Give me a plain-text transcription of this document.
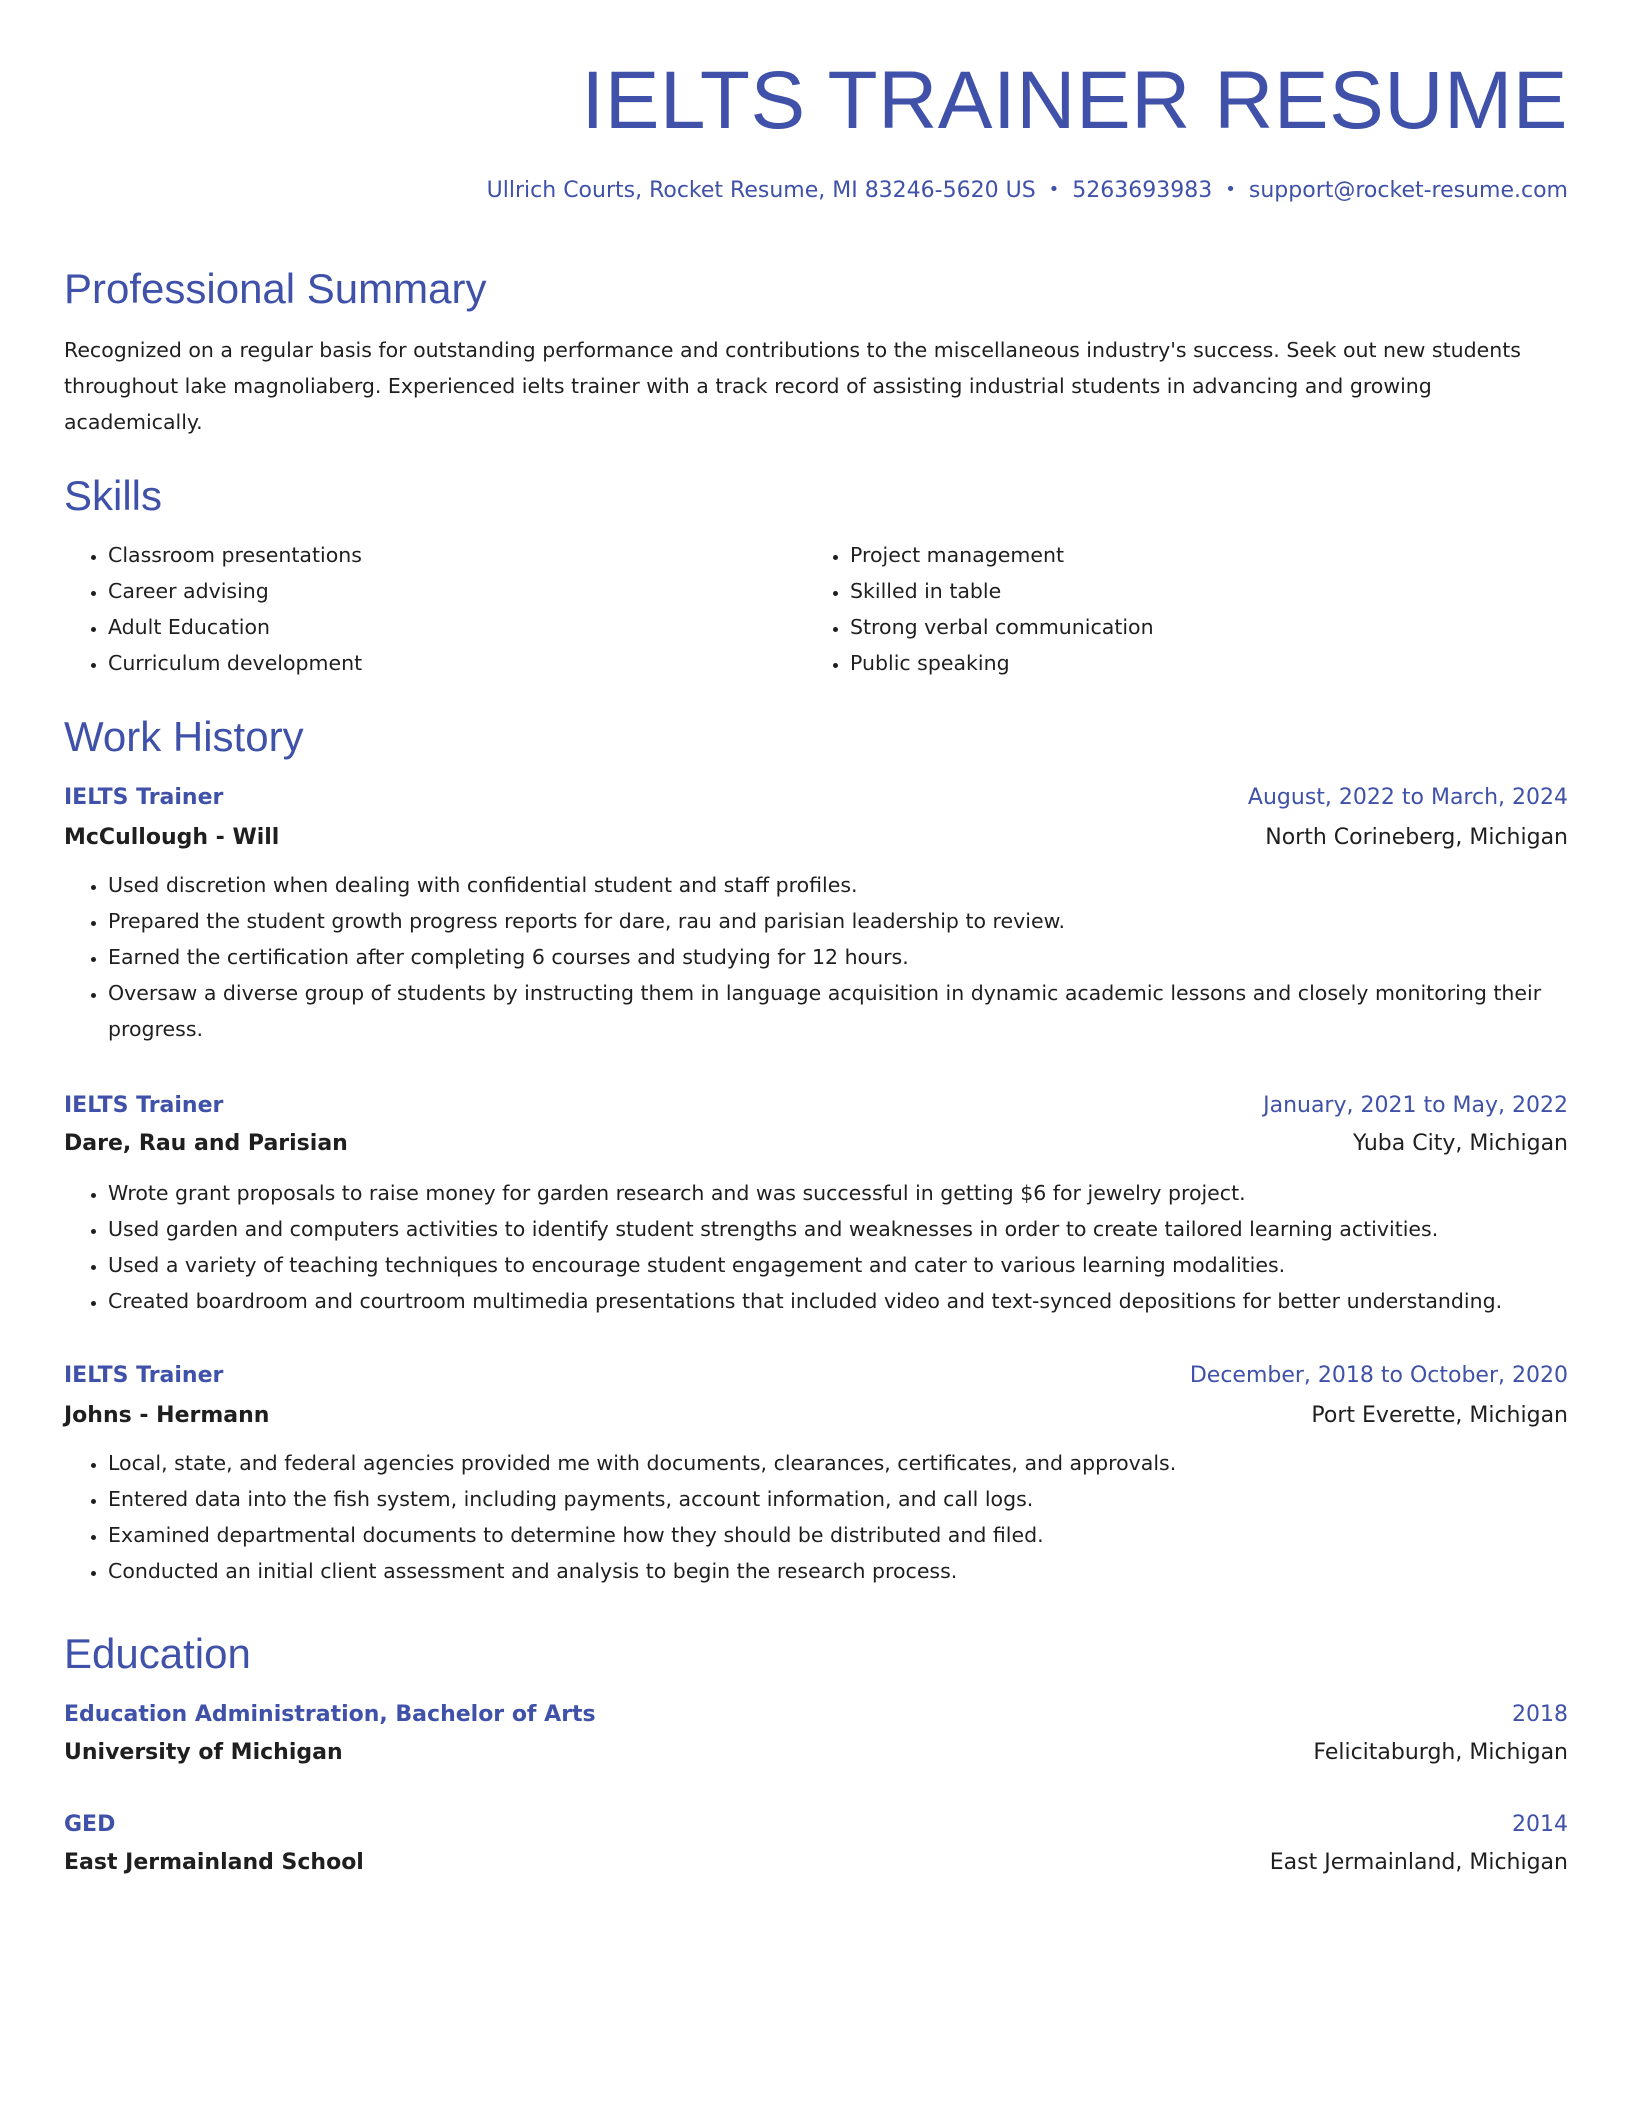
IELTS TRAINER RESUME
Ullrich Courts, Rocket Resume, MI 83246-5620 US • 5263693983 • support@rocket-resume.com
Professional Summary

Recognized on a regular basis for outstanding performance and contributions to the miscellaneous industry's success. Seek out new students throughout lake magnoliaberg. Experienced ielts trainer with a track record of assisting industrial students in advancing and growing academically.

Skills
• Classroom presentations
• Career advising
• Adult Education
• Curriculum development
• Project management
• Skilled in table
• Strong verbal communication
• Public speaking
Work History
IELTS Trainer	August, 2022 to March, 2024
McCullough - Will	North Corineberg, Michigan
• Used discretion when dealing with confidential student and staff profiles.
• Prepared the student growth progress reports for dare, rau and parisian leadership to review.
• Earned the certification after completing 6 courses and studying for 12 hours.
• Oversaw a diverse group of students by instructing them in language acquisition in dynamic academic lessons and closely monitoring their progress.
IELTS Trainer	January, 2021 to May, 2022
Dare, Rau and Parisian	Yuba City, Michigan
• Wrote grant proposals to raise money for garden research and was successful in getting $6 for jewelry project.
• Used garden and computers activities to identify student strengths and weaknesses in order to create tailored learning activities.
• Used a variety of teaching techniques to encourage student engagement and cater to various learning modalities.
• Created boardroom and courtroom multimedia presentations that included video and text-synced depositions for better understanding.
IELTS Trainer	December, 2018 to October, 2020
Johns - Hermann	Port Everette, Michigan
• Local, state, and federal agencies provided me with documents, clearances, certificates, and approvals.
• Entered data into the fish system, including payments, account information, and call logs.
• Examined departmental documents to determine how they should be distributed and filed.
• Conducted an initial client assessment and analysis to begin the research process.
Education
Education Administration, Bachelor of Arts	2018
University of Michigan	Felicitaburgh, Michigan
GED	2014
East Jermainland School	East Jermainland, Michigan
